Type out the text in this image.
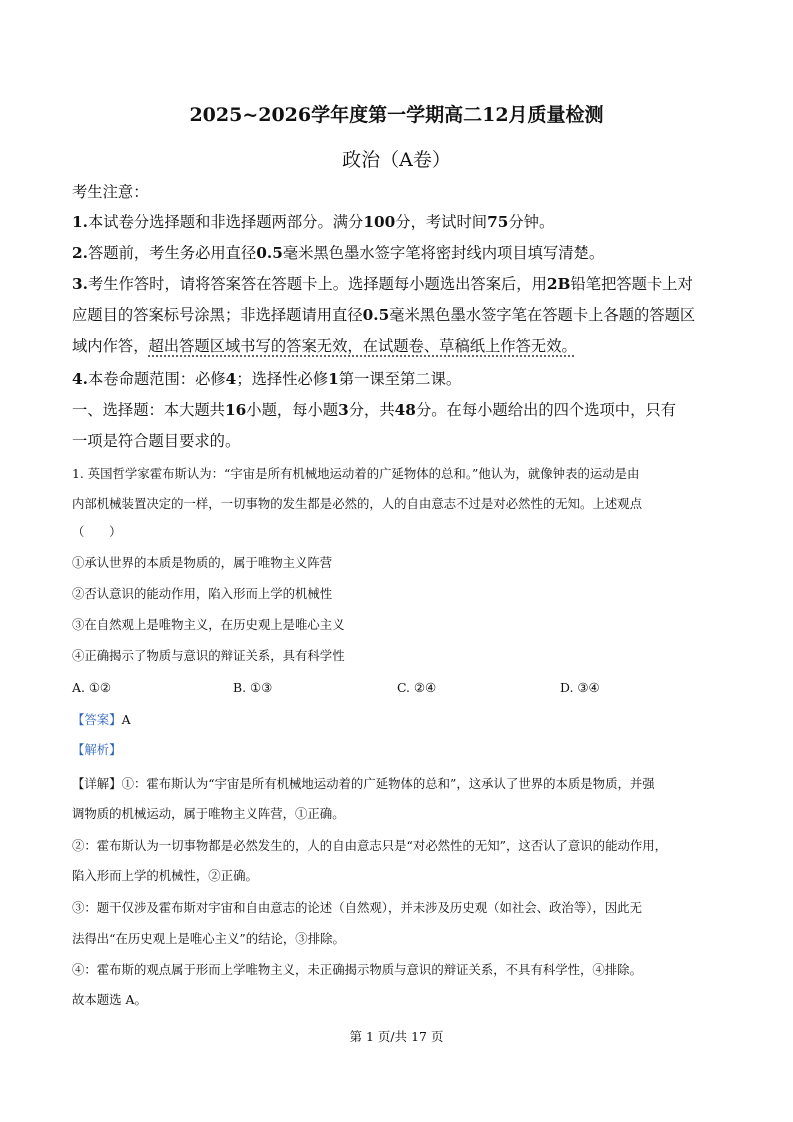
2025~2026学年度第一学期高二12月质量检测
政治（A卷）
考生注意：
1.本试卷分选择题和非选择题两部分。满分100分，考试时间75分钟。
2.答题前，考生务必用直径0.5毫米黑色墨水签字笔将密封线内项目填写清楚。
3.考生作答时，请将答案答在答题卡上。选择题每小题选出答案后，用2B铅笔把答题卡上对
应题目的答案标号涂黑；非选择题请用直径0.5毫米黑色墨水签字笔在答题卡上各题的答题区
域内作答，超出答题区域书写的答案无效，在试题卷、草稿纸上作答无效。
4.本卷命题范围：必修4；选择性必修1第一课至第二课。
一、选择题：本大题共16小题，每小题3分，共48分。在每小题给出的四个选项中，只有
一项是符合题目要求的。
1. 英国哲学家霍布斯认为：“宇宙是所有机械地运动着的广延物体的总和。”他认为，就像钟表的运动是由
内部机械装置决定的一样，一切事物的发生都是必然的，人的自由意志不过是对必然性的无知。上述观点
（　　）
①承认世界的本质是物质的，属于唯物主义阵营
②否认意识的能动作用，陷入形而上学的机械性
③在自然观上是唯物主义，在历史观上是唯心主义
④正确揭示了物质与意识的辩证关系，具有科学性
A. ①②	B. ①③	C. ②④	D. ③④
【答案】A
【解析】
【详解】①：霍布斯认为“宇宙是所有机械地运动着的广延物体的总和”，这承认了世界的本质是物质，并强
调物质的机械运动，属于唯物主义阵营，①正确。
②：霍布斯认为一切事物都是必然发生的，人的自由意志只是“对必然性的无知”，这否认了意识的能动作用，
陷入形而上学的机械性，②正确。
③：题干仅涉及霍布斯对宇宙和自由意志的论述（自然观），并未涉及历史观（如社会、政治等），因此无
法得出“在历史观上是唯心主义”的结论，③排除。
④：霍布斯的观点属于形而上学唯物主义，未正确揭示物质与意识的辩证关系，不具有科学性，④排除。
故本题选 A。
第 1 页/共 17 页
